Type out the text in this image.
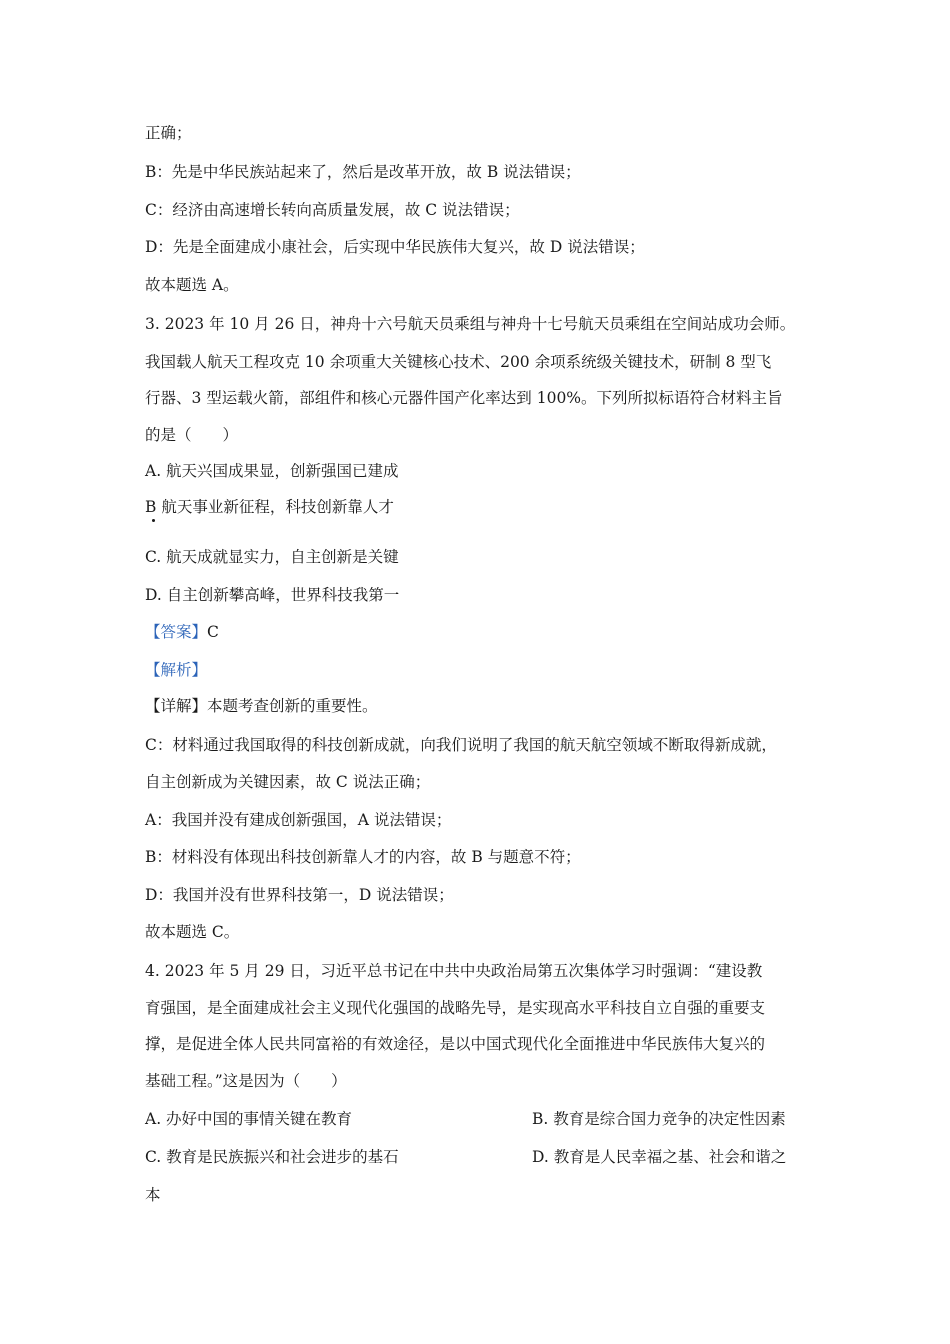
正确；
B：先是中华民族站起来了，然后是改革开放，故 B 说法错误；
C：经济由高速增长转向高质量发展，故 C 说法错误；
D：先是全面建成小康社会，后实现中华民族伟大复兴，故 D 说法错误；
故本题选 A。
3. 2023 年 10 月 26 日，神舟十六号航天员乘组与神舟十七号航天员乘组在空间站成功会师。
我国载人航天工程攻克 10 余项重大关键核心技术、200 余项系统级关键技术，研制 8 型飞
行器、3 型运载火箭，部组件和核心元器件国产化率达到 100%。下列所拟标语符合材料主旨
的是（　　）
A. 航天兴国成果显，创新强国已建成
B 航天事业新征程，科技创新靠人才
C. 航天成就显实力，自主创新是关键
D. 自主创新攀高峰，世界科技我第一
【答案】C
【解析】
【详解】本题考查创新的重要性。
C：材料通过我国取得的科技创新成就，向我们说明了我国的航天航空领域不断取得新成就，
自主创新成为关键因素，故 C 说法正确；
A：我国并没有建成创新强国，A 说法错误；
B：材料没有体现出科技创新靠人才的内容，故 B 与题意不符；
D：我国并没有世界科技第一，D 说法错误；
故本题选 C。
4. 2023 年 5 月 29 日，习近平总书记在中共中央政治局第五次集体学习时强调：“建设教
育强国，是全面建成社会主义现代化强国的战略先导，是实现高水平科技自立自强的重要支
撑，是促进全体人民共同富裕的有效途径，是以中国式现代化全面推进中华民族伟大复兴的
基础工程。”这是因为（　　）
A. 办好中国的事情关键在教育	B. 教育是综合国力竞争的决定性因素
C. 教育是民族振兴和社会进步的基石	D. 教育是人民幸福之基、社会和谐之
本
